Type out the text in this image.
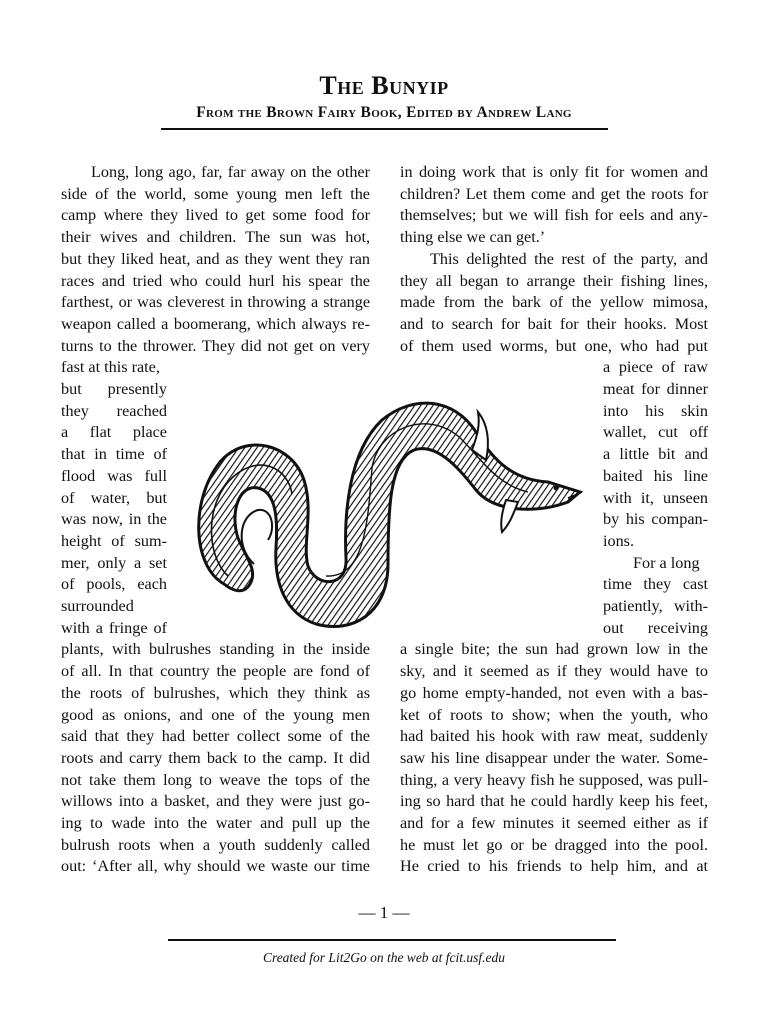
The Bunyip
From the Brown Fairy Book, Edited by Andrew Lang
Long, long ago, far, far away on the other
side of the world, some young men left the
camp where they lived to get some food for
their wives and children. The sun was hot,
but they liked heat, and as they went they ran
races and tried who could hurl his spear the
farthest, or was cleverest in throwing a strange
weapon called a boomerang, which always re-
turns to the thrower. They did not get on very
fast at this rate,
but presently
they reached
a flat place
that in time of
flood was full
of water, but
was now, in the
height of sum-
mer, only a set
of pools, each
surrounded
with a fringe of
plants, with bulrushes standing in the inside
of all. In that country the people are fond of
the roots of bulrushes, which they think as
good as onions, and one of the young men
said that they had better collect some of the
roots and carry them back to the camp. It did
not take them long to weave the tops of the
willows into a basket, and they were just go-
ing to wade into the water and pull up the
bulrush roots when a youth suddenly called
out: ‘After all, why should we waste our time
in doing work that is only fit for women and
children? Let them come and get the roots for
themselves; but we will fish for eels and any-
thing else we can get.’
This delighted the rest of the party, and
they all began to arrange their fishing lines,
made from the bark of the yellow mimosa,
and to search for bait for their hooks. Most
of them used worms, but one, who had put
a piece of raw
meat for dinner
into his skin
wallet, cut off
a little bit and
baited his line
with it, unseen
by his compan-
ions.
For a long
time they cast
patiently, with-
out receiving
a single bite; the sun had grown low in the
sky, and it seemed as if they would have to
go home empty-handed, not even with a bas-
ket of roots to show; when the youth, who
had baited his hook with raw meat, suddenly
saw his line disappear under the water. Some-
thing, a very heavy fish he supposed, was pull-
ing so hard that he could hardly keep his feet,
and for a few minutes it seemed either as if
he must let go or be dragged into the pool.
He cried to his friends to help him, and at
— 1 —
Created for Lit2Go on the web at fcit.usf.edu
